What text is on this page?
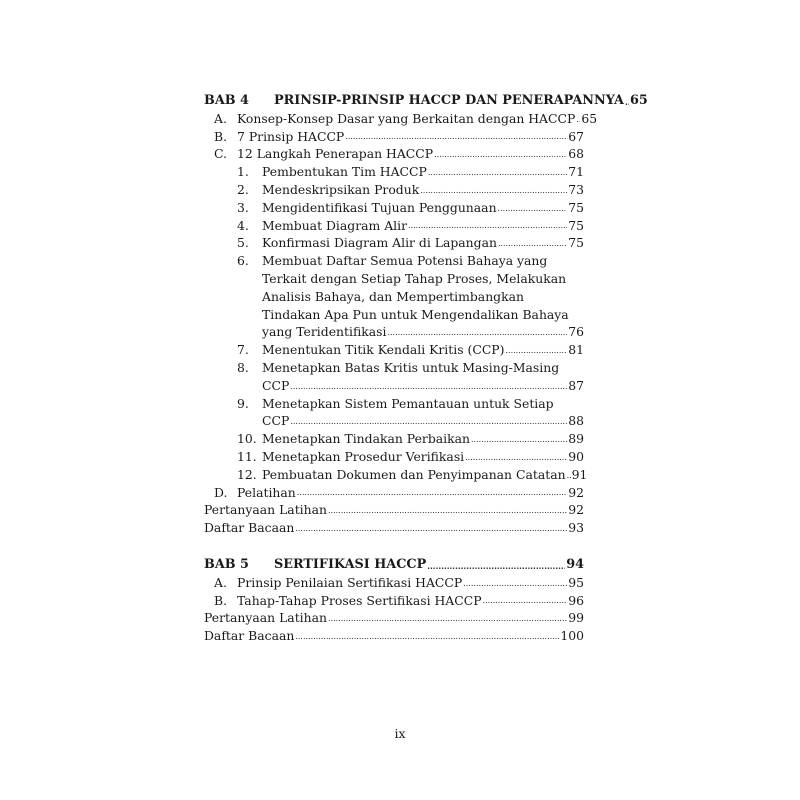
BAB 4	PRINSIP-PRINSIP HACCP DAN PENERAPANNYA ..... 65
A. Konsep-Konsep Dasar yang Berkaitan dengan HACCP ..... 65
B. 7 Prinsip HACCP .....	67
C. 12 Langkah Penerapan HACCP .....	68
1.	Pembentukan Tim HACCP .....	71
2.	Mendeskripsikan Produk .....	73
3.	Mengidentifikasi Tujuan Penggunaan .....	75
4.	Membuat Diagram Alir .....	75
5.	Konfirmasi Diagram Alir di Lapangan .....	75
6.	Membuat Daftar Semua Potensi Bahaya yang
Terkait dengan Setiap Tahap Proses, Melakukan
Analisis Bahaya, dan Mempertimbangkan
Tindakan Apa Pun untuk Mengendalikan Bahaya
yang Teridentifikasi .....	76
7.	Menentukan Titik Kendali Kritis (CCP) .....	81
8.	Menetapkan Batas Kritis untuk Masing-Masing
CCP .....	87
9.	Menetapkan Sistem Pemantauan untuk Setiap
CCP .....	88
10. Menetapkan Tindakan Perbaikan .....	89
11. Menetapkan Prosedur Verifikasi .....	90
12. Pembuatan Dokumen dan Penyimpanan Catatan ..... 91
D. Pelatihan .....	92
Pertanyaan Latihan .....	92
Daftar Bacaan .....	93
BAB 5	SERTIFIKASI HACCP .....	94
A. Prinsip Penilaian Sertifikasi HACCP .....	95
B. Tahap-Tahap Proses Sertifikasi HACCP .....	96
Pertanyaan Latihan .....	99
Daftar Bacaan .....	100
ix
